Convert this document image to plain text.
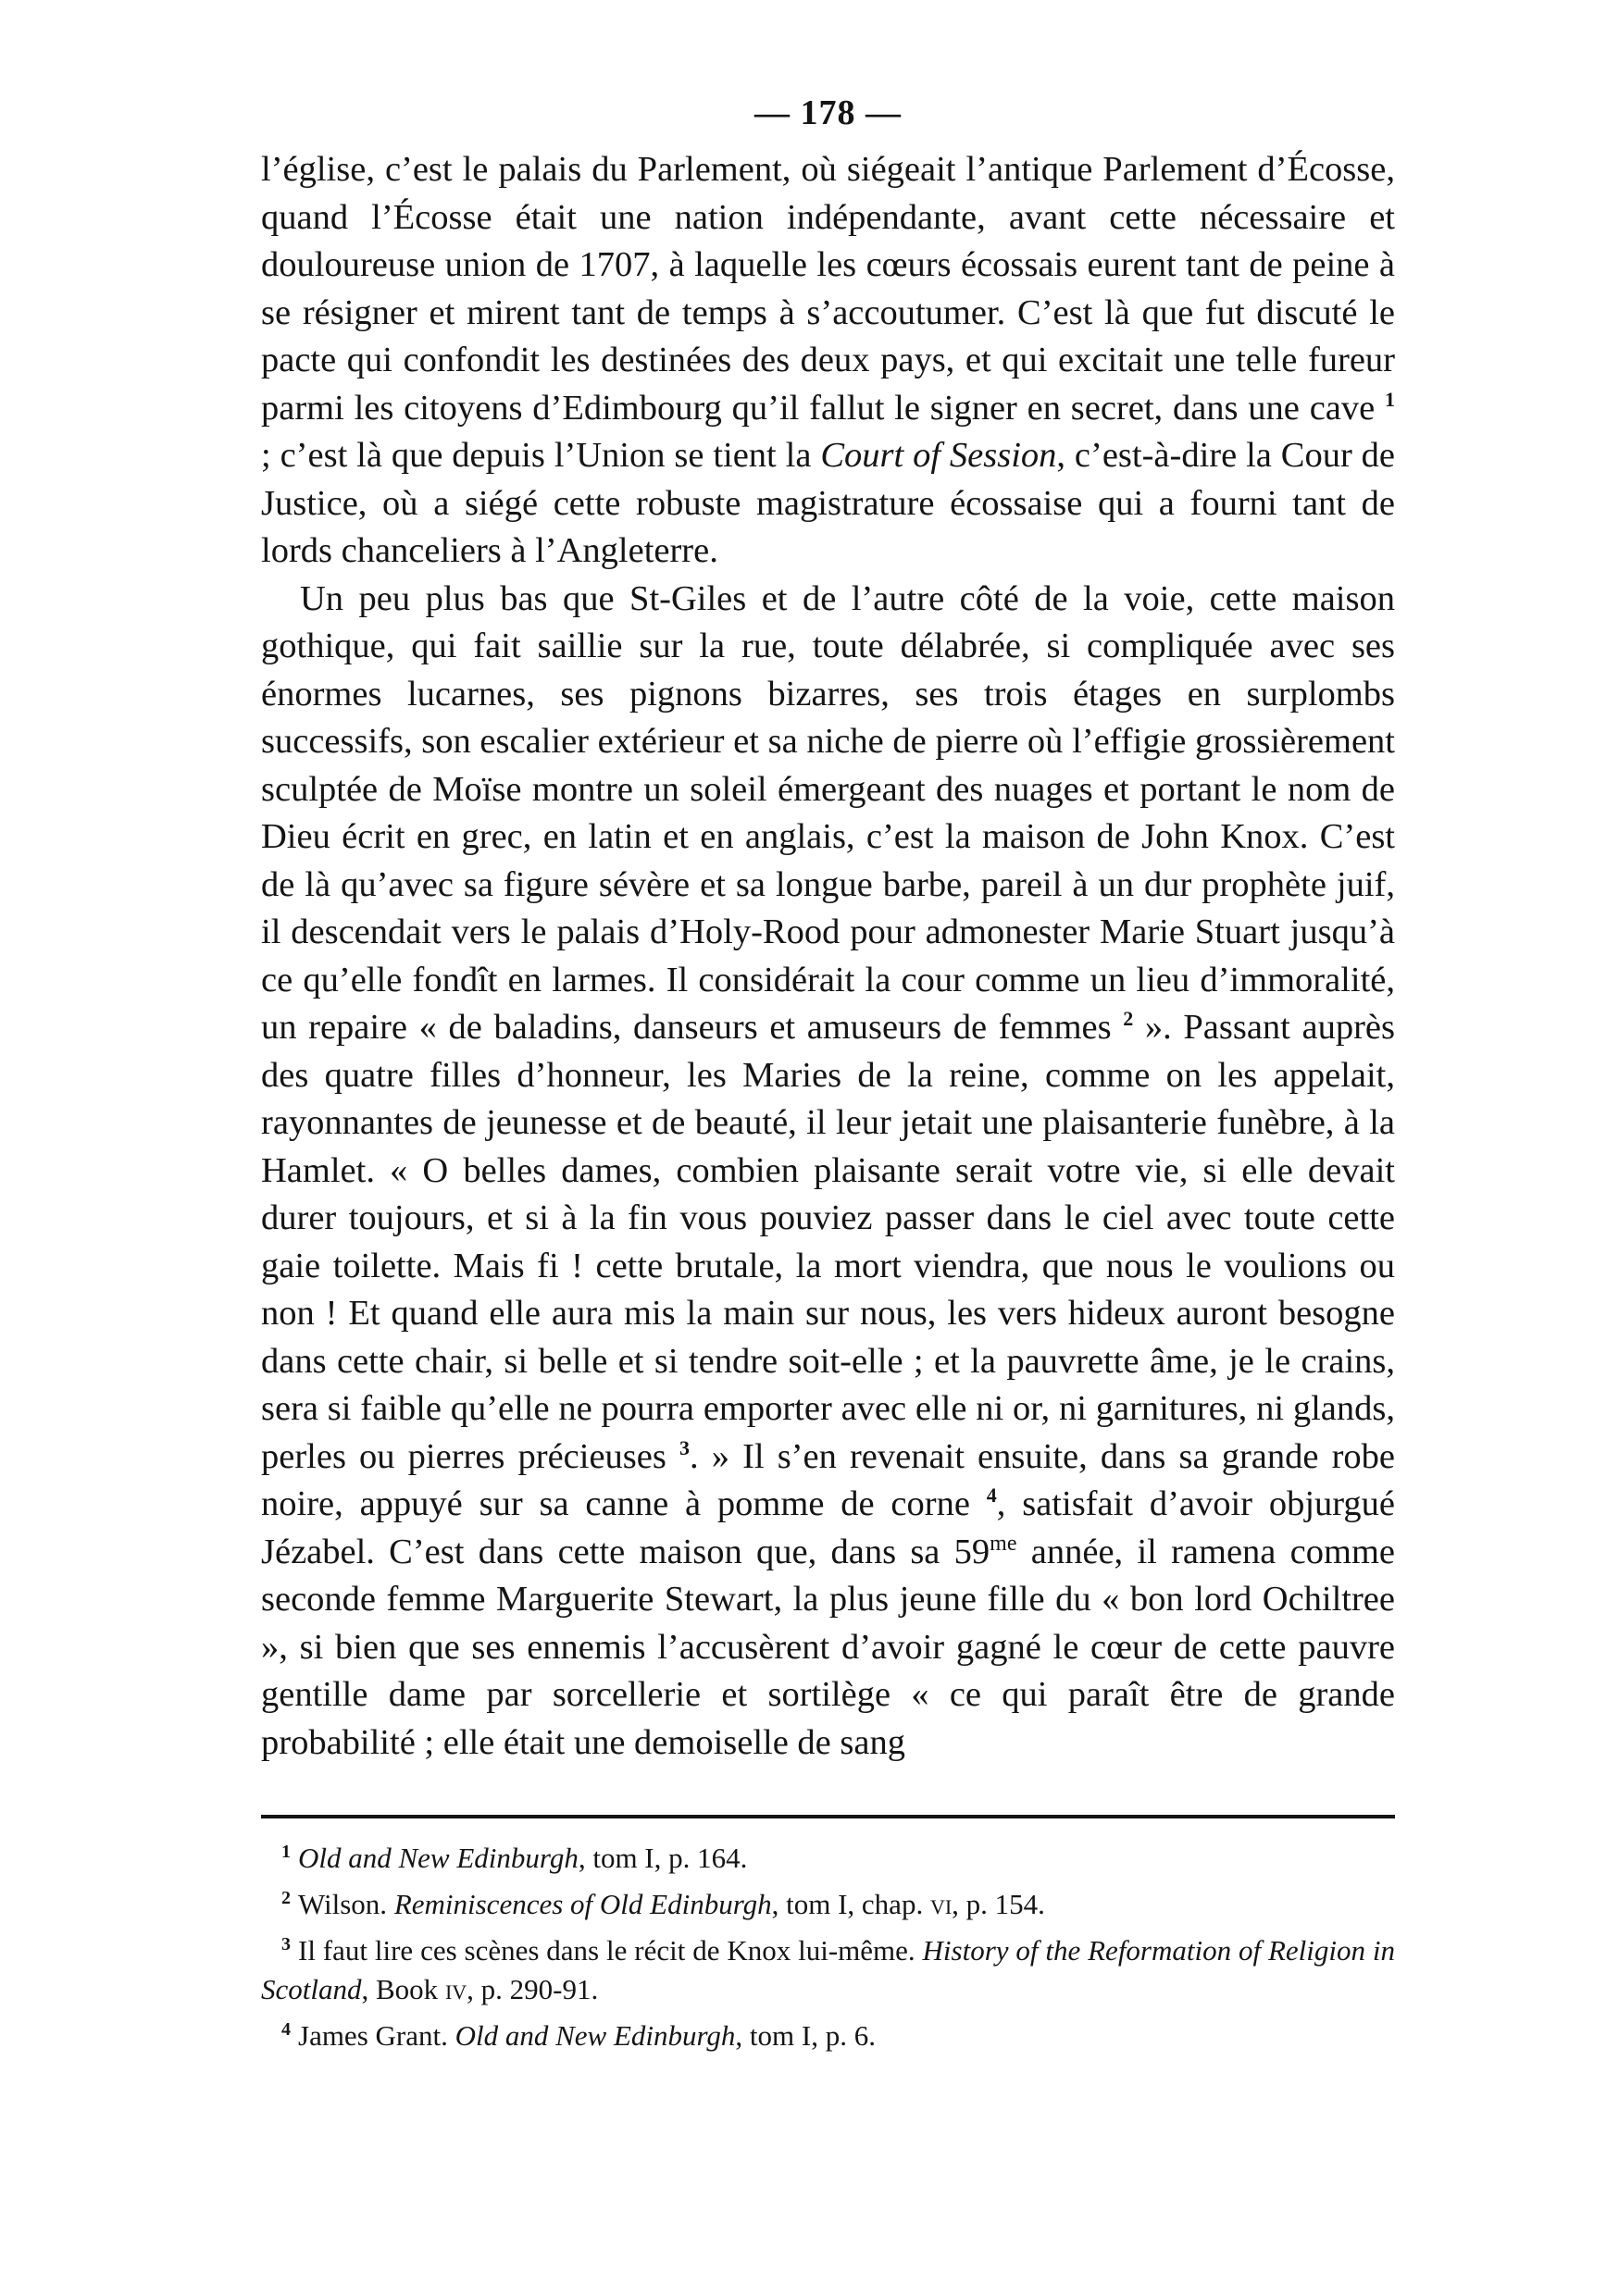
— 178 —

l’église, c’est le palais du Parlement, où siégeait l’antique Parlement d’Écosse, quand l’Écosse était une nation indépendante, avant cette nécessaire et douloureuse union de 1707, à laquelle les cœurs écossais eurent tant de peine à se résigner et mirent tant de temps à s’accoutumer. C’est là que fut discuté le pacte qui confondit les destinées des deux pays, et qui excitait une telle fureur parmi les citoyens d’Edimbourg qu’il fallut le signer en secret, dans une cave $^1$ ; c’est là que depuis l’Union se tient la Court of Session, c’est-à-dire la Cour de Justice, où a siégé cette robuste magistrature écossaise qui a fourni tant de lords chanceliers à l’Angleterre.

Un peu plus bas que St-Giles et de l’autre côté de la voie, cette maison gothique, qui fait saillie sur la rue, toute délabrée, si compliquée avec ses énormes lucarnes, ses pignons bizarres, ses trois étages en surplombs successifs, son escalier extérieur et sa niche de pierre où l’effigie grossièrement sculptée de Moïse montre un soleil émergeant des nuages et portant le nom de Dieu écrit en grec, en latin et en anglais, c’est la maison de John Knox. C’est de là qu’avec sa figure sévère et sa longue barbe, pareil à un dur prophète juif, il descendait vers le palais d’Holy-Rood pour admonester Marie Stuart jusqu’à ce qu’elle fondît en larmes. Il considérait la cour comme un lieu d’immoralité, un repaire « de baladins, danseurs et amuseurs de femmes $^2$ ». Passant auprès des quatre filles d’honneur, les Maries de la reine, comme on les appelait, rayonnantes de jeunesse et de beauté, il leur jetait une plaisanterie funèbre, à la Hamlet. « O belles dames, combien plaisante serait votre vie, si elle devait durer toujours, et si à la fin vous pouviez passer dans le ciel avec toute cette gaie toilette. Mais fi ! cette brutale, la mort viendra, que nous le voulions ou non ! Et quand elle aura mis la main sur nous, les vers hideux auront besogne dans cette chair, si belle et si tendre soit-elle ; et la pauvrette âme, je le crains, sera si faible qu’elle ne pourra emporter avec elle ni or, ni garnitures, ni glands, perles ou pierres précieuses $^3$. » Il s’en revenait ensuite, dans sa grande robe noire, appuyé sur sa canne à pomme de corne $^4$, satisfait d’avoir objurgué Jézabel. C’est dans cette maison que, dans sa $59^{me}$ année, il ramena comme seconde femme Marguerite Stewart, la plus jeune fille du « bon lord Ochiltree », si bien que ses ennemis l’accusèrent d’avoir gagné le cœur de cette pauvre gentille dame par sorcellerie et sortilège « ce qui paraît être de grande probabilité ; elle était une demoiselle de sang

$^1$ Old and New Edinburgh, tom I, p. 164.

$^2$ Wilson. Reminiscences of Old Edinburgh, tom I, chap. vi, p. 154.

$^3$ Il faut lire ces scènes dans le récit de Knox lui-même. History of the Reformation of Religion in Scotland, Book iv, p. 290-91.

$^4$ James Grant. Old and New Edinburgh, tom I, p. 6.
